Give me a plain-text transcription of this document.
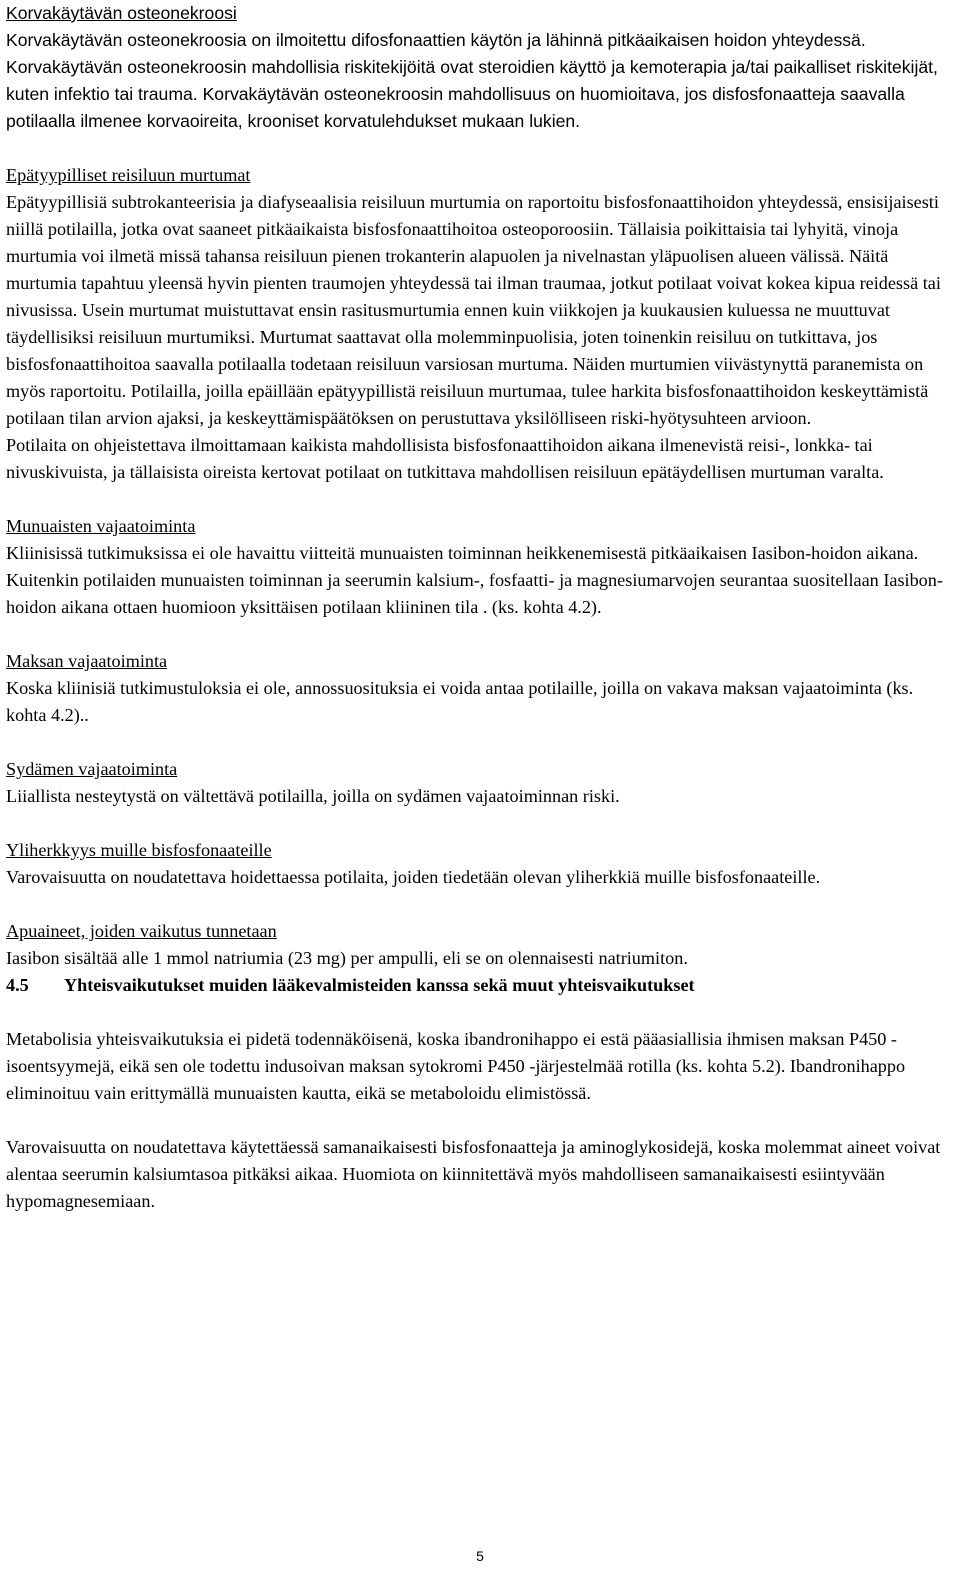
Korvakäytävän osteonekroosi

Korvakäytävän osteonekroosia on ilmoitettu difosfonaattien käytön ja lähinnä pitkäaikaisen hoidon yhteydessä. Korvakäytävän osteonekroosin mahdollisia riskitekijöitä ovat steroidien käyttö ja kemoterapia ja/tai paikalliset riskitekijät, kuten infektio tai trauma. Korvakäytävän osteonekroosin mahdollisuus on huomioitava, jos disfosfonaatteja saavalla potilaalla ilmenee korvaoireita, krooniset korvatulehdukset mukaan lukien.

Epätyypilliset reisiluun murtumat

Epätyypillisiä subtrokanteerisia ja diafyseaalisia reisiluun murtumia on raportoitu bisfosfonaattihoidon yhteydessä, ensisijaisesti niillä potilailla, jotka ovat saaneet pitkäaikaista bisfosfonaattihoitoa osteoporoosiin. Tällaisia poikittaisia tai lyhyitä, vinoja murtumia voi ilmetä missä tahansa reisiluun pienen trokanterin alapuolen ja nivelnastan yläpuolisen alueen välissä. Näitä murtumia tapahtuu yleensä hyvin pienten traumojen yhteydessä tai ilman traumaa, jotkut potilaat voivat kokea kipua reidessä tai nivusissa. Usein murtumat muistuttavat ensin rasitusmurtumia ennen kuin viikkojen ja kuukausien kuluessa ne muuttuvat täydellisiksi reisiluun murtumiksi. Murtumat saattavat olla molemminpuolisia, joten toinenkin reisiluu on tutkittava, jos bisfosfonaattihoitoa saavalla potilaalla todetaan reisiluun varsiosan murtuma. Näiden murtumien viivästynyttä paranemista on myös raportoitu. Potilailla, joilla epäillään epätyypillistä reisiluun murtumaa, tulee harkita bisfosfonaattihoidon keskeyttämistä potilaan tilan arvion ajaksi, ja keskeyttämispäätöksen on perustuttava yksilölliseen riski-hyötysuhteen arvioon.

Potilaita on ohjeistettava ilmoittamaan kaikista mahdollisista bisfosfonaattihoidon aikana ilmenevistä reisi-, lonkka- tai nivuskivuista, ja tällaisista oireista kertovat potilaat on tutkittava mahdollisen reisiluun epätäydellisen murtuman varalta.

Munuaisten vajaatoiminta

Kliinisissä tutkimuksissa ei ole havaittu viitteitä munuaisten toiminnan heikkenemisestä pitkäaikaisen Iasibon-hoidon aikana. Kuitenkin potilaiden munuaisten toiminnan ja seerumin kalsium-, fosfaatti- ja magnesiumarvojen seurantaa suositellaan Iasibon-hoidon aikana ottaen huomioon yksittäisen potilaan kliininen tila . (ks. kohta 4.2).

Maksan vajaatoiminta

Koska kliinisiä tutkimustuloksia ei ole, annossuosituksia ei voida antaa potilaille, joilla on vakava maksan vajaatoiminta (ks. kohta 4.2)..

Sydämen vajaatoiminta

Liiallista nesteytystä on vältettävä potilailla, joilla on sydämen vajaatoiminnan riski.

Yliherkkyys muille bisfosfonaateille

Varovaisuutta on noudatettava hoidettaessa potilaita, joiden tiedetään olevan yliherkkiä muille bisfosfonaateille.

Apuaineet, joiden vaikutus tunnetaan

Iasibon sisältää alle 1 mmol natriumia (23 mg) per ampulli, eli se on olennaisesti natriumiton.

4.5	Yhteisvaikutukset muiden lääkevalmisteiden kanssa sekä muut yhteisvaikutukset

Metabolisia yhteisvaikutuksia ei pidetä todennäköisenä, koska ibandronihappo ei estä pääasiallisia ihmisen maksan P450 -isoentsyymejä, eikä sen ole todettu indusoivan maksan sytokromi P450 -järjestelmää rotilla (ks. kohta 5.2). Ibandronihappo eliminoituu vain erittymällä munuaisten kautta, eikä se metaboloidu elimistössä.

Varovaisuutta on noudatettava käytettäessä samanaikaisesti bisfosfonaatteja ja aminoglykosidejä, koska molemmat aineet voivat alentaa seerumin kalsiumtasoa pitkäksi aikaa. Huomiota on kiinnitettävä myös mahdolliseen samanaikaisesti esiintyvään hypomagnesemiaan.

5
